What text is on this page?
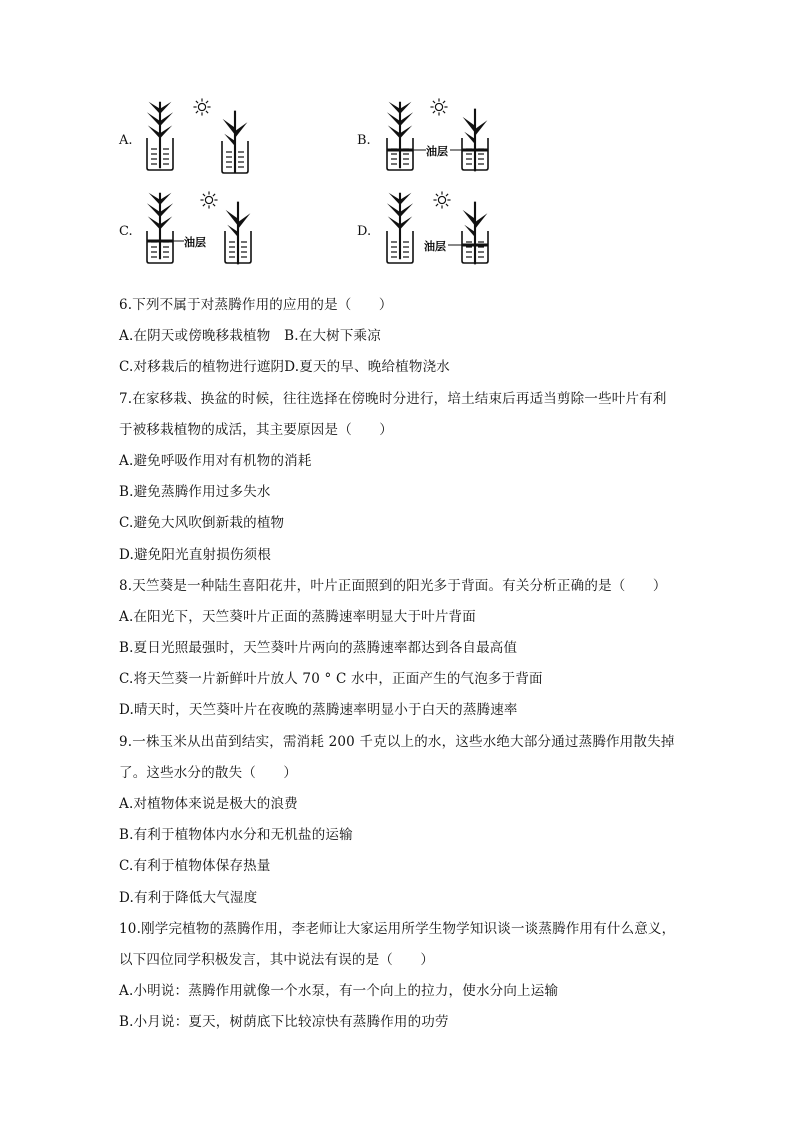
A.	B.
油层
C.
油层
D.
油层
6.下列不属于对蒸腾作用的应用的是（　　）
A.在阴天或傍晚移栽植物　B.在大树下乘凉
C.对移栽后的植物进行遮阴D.夏天的早、晚给植物浇水
7.在家移栽、换盆的时候，往往选择在傍晚时分进行，培土结束后再适当剪除一些叶片有利
于被移栽植物的成活，其主要原因是（　　）
A.避免呼吸作用对有机物的消耗
B.避免蒸腾作用过多失水
C.避免大风吹倒新栽的植物
D.避免阳光直射损伤须根
8.天竺葵是一种陆生喜阳花井，叶片正面照到的阳光多于背面。有关分析正确的是（　　）
A.在阳光下，天竺葵叶片正面的蒸腾速率明显大于叶片背面
B.夏日光照最强时，天竺葵叶片两向的蒸腾速率都达到各自最高值
C.将天竺葵一片新鲜叶片放人 70 ° C 水中，正面产生的气泡多于背面
D.晴天时，天竺葵叶片在夜晚的蒸腾速率明显小于白天的蒸腾速率
9.一株玉米从出苗到结实，需消耗 200 千克以上的水，这些水绝大部分通过蒸腾作用散失掉
了。这些水分的散失（　　）
A.对植物体来说是极大的浪费
B.有利于植物体内水分和无机盐的运输
C.有利于植物体保存热量
D.有利于降低大气湿度
10.刚学完植物的蒸腾作用，李老师让大家运用所学生物学知识谈一谈蒸腾作用有什么意义，
以下四位同学积极发言，其中说法有误的是（　　）
A.小明说：蒸腾作用就像一个水泵，有一个向上的拉力，使水分向上运输
B.小月说：夏天，树荫底下比较凉快有蒸腾作用的功劳
